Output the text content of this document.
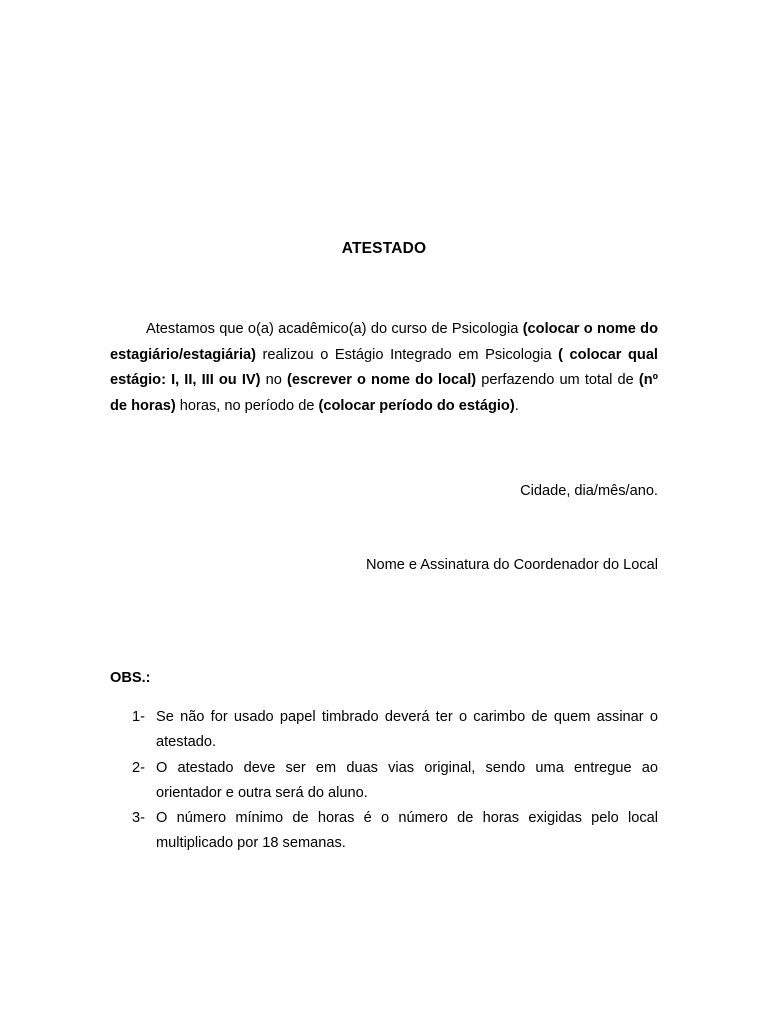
ATESTADO

Atestamos que o(a) acadêmico(a) do curso de Psicologia (colocar o nome do estagiário/estagiária) realizou o Estágio Integrado em Psicologia ( colocar qual estágio: I, II, III ou IV) no (escrever o nome do local) perfazendo um total de (nº de horas) horas, no período de (colocar período do estágio).

Cidade, dia/mês/ano.
Nome e Assinatura do Coordenador do Local
OBS.:
1- Se não for usado papel timbrado deverá ter o carimbo de quem assinar o atestado.
2- O atestado deve ser em duas vias original, sendo uma entregue ao orientador e outra será do aluno.
3- O número mínimo de horas é o número de horas exigidas pelo local multiplicado por 18 semanas.
